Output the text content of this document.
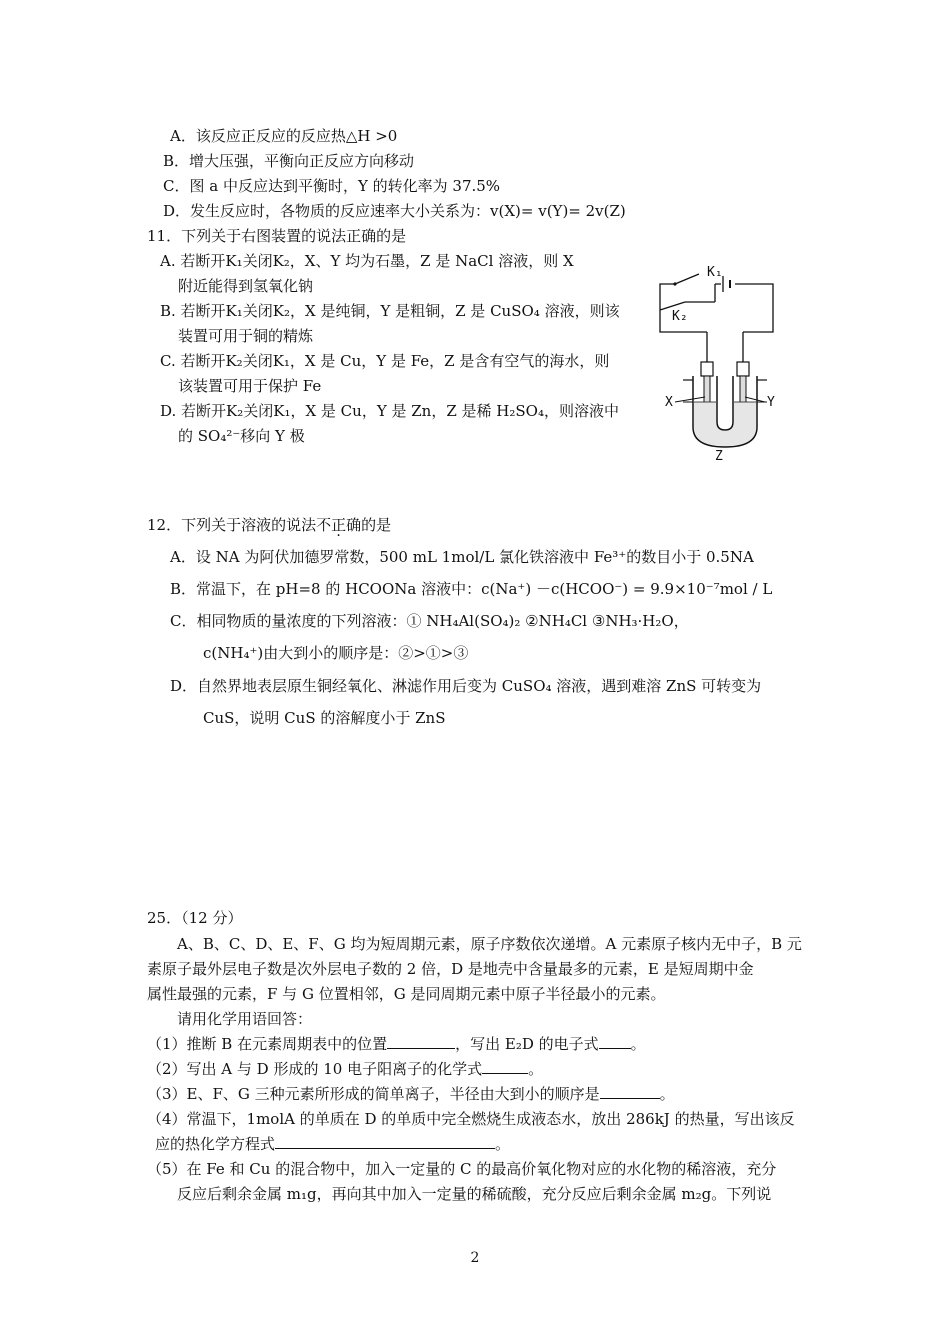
A．该反应正反应的反应热△H >0
B．增大压强，平衡向正反应方向移动
C．图 a 中反应达到平衡时，Y 的转化率为 37.5%
D．发生反应时，各物质的反应速率大小关系为：v(X)= v(Y)= 2v(Z)
11．下列关于右图装置的说法正确的是
A. 若断开K₁关闭K₂，X、Y 均为石墨，Z 是 NaCl 溶液，则 X
附近能得到氢氧化钠
B. 若断开K₁关闭K₂，X 是纯铜，Y 是粗铜，Z 是 CuSO₄ 溶液，则该
装置可用于铜的精炼
C. 若断开K₂关闭K₁，X 是 Cu，Y 是 Fe，Z 是含有空气的海水，则
该装置可用于保护 Fe
D. 若断开K₂关闭K₁，X 是 Cu，Y 是 Zn，Z 是稀 H₂SO₄，则溶液中
的 SO₄²⁻移向 Y 极
K₁
K₂
X	Y
Z
12．下列关于溶液的说法不正确的是
A．设 NA 为阿伏加德罗常数，500 mL 1mol/L 氯化铁溶液中 Fe³⁺的数目小于 0.5NA
B．常温下，在 pH=8 的 HCOONa 溶液中：c(Na⁺) －c(HCOO⁻) = 9.9×10⁻⁷mol / L
C．相同物质的量浓度的下列溶液：① NH₄Al(SO₄)₂ ②NH₄Cl ③NH₃·H₂O，
c(NH₄⁺)由大到小的顺序是：②>①>③
D．自然界地表层原生铜经氧化、淋滤作用后变为 CuSO₄ 溶液，遇到难溶 ZnS 可转变为
CuS，说明 CuS 的溶解度小于 ZnS
25．（12 分）
A、B、C、D、E、F、G 均为短周期元素，原子序数依次递增。A 元素原子核内无中子，B 元
素原子最外层电子数是次外层电子数的 2 倍，D 是地壳中含量最多的元素，E 是短周期中金
属性最强的元素，F 与 G 位置相邻，G 是同周期元素中原子半径最小的元素。
请用化学用语回答：
（1）推断 B 在元素周期表中的位置	，写出 E₂D 的电子式 。
（2）写出 A 与 D 形成的 10 电子阳离子的化学式	。
（3）E、F、G 三种元素所形成的简单离子，半径由大到小的顺序是	。
（4）常温下，1molA 的单质在 D 的单质中完全燃烧生成液态水，放出 286kJ 的热量，写出该反
应的热化学方程式	。
（5）在 Fe 和 Cu 的混合物中，加入一定量的 C 的最高价氧化物对应的水化物的稀溶液，充分
反应后剩余金属 m₁g，再向其中加入一定量的稀硫酸，充分反应后剩余金属 m₂g。下列说
2
